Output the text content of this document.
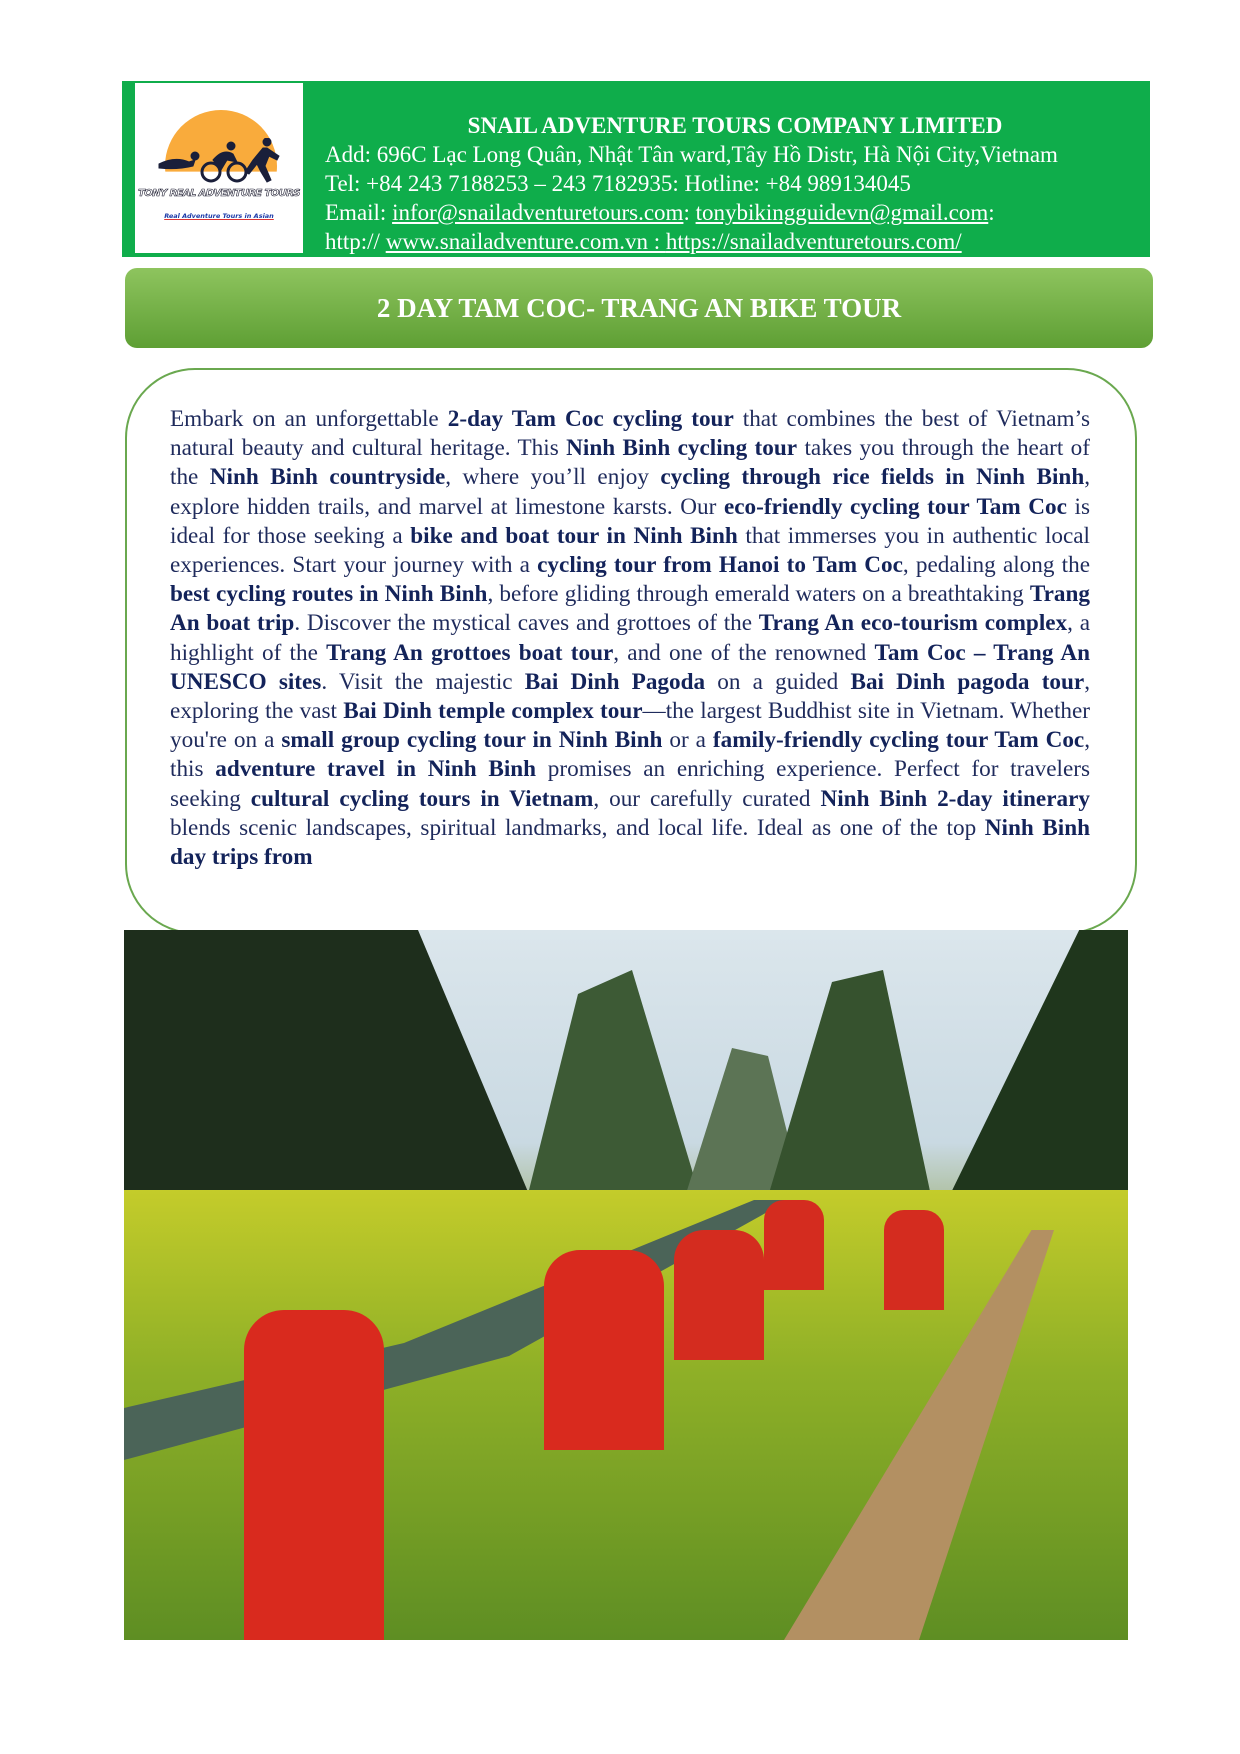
TONY REAL ADVENTURE TOURS
Real Adventure Tours in Asian
SNAIL ADVENTURE TOURS COMPANY LIMITED
Add: 696C Lạc Long Quân, Nhật Tân ward,Tây Hồ Distr, Hà Nội City,Vietnam
Tel: +84 243 7188253 – 243 7182935: Hotline: +84 989134045
Email: infor@snailadventuretours.com: tonybikingguidevn@gmail.com:
http:// www.snailadventure.com.vn : https://snailadventuretours.com/
2 DAY TAM COC- TRANG AN BIKE TOUR
Embark on an unforgettable 2-day Tam Coc cycling tour that combines the best of Vietnam’s natural beauty and cultural heritage. This Ninh Binh cycling tour takes you through the heart of the Ninh Binh countryside, where you’ll enjoy cycling through rice fields in Ninh Binh, explore hidden trails, and marvel at limestone karsts. Our eco-friendly cycling tour Tam Coc is ideal for those seeking a bike and boat tour in Ninh Binh that immerses you in authentic local experiences. Start your journey with a cycling tour from Hanoi to Tam Coc, pedaling along the best cycling routes in Ninh Binh, before gliding through emerald waters on a breathtaking Trang An boat trip. Discover the mystical caves and grottoes of the Trang An eco-tourism complex, a highlight of the Trang An grottoes boat tour, and one of the renowned Tam Coc – Trang An UNESCO sites. Visit the majestic Bai Dinh Pagoda on a guided Bai Dinh pagoda tour, exploring the vast Bai Dinh temple complex tour—the largest Buddhist site in Vietnam. Whether you're on a small group cycling tour in Ninh Binh or a family-friendly cycling tour Tam Coc, this adventure travel in Ninh Binh promises an enriching experience. Perfect for travelers seeking cultural cycling tours in Vietnam, our carefully curated Ninh Binh 2-day itinerary blends scenic landscapes, spiritual landmarks, and local life. Ideal as one of the top Ninh Binh day trips from
